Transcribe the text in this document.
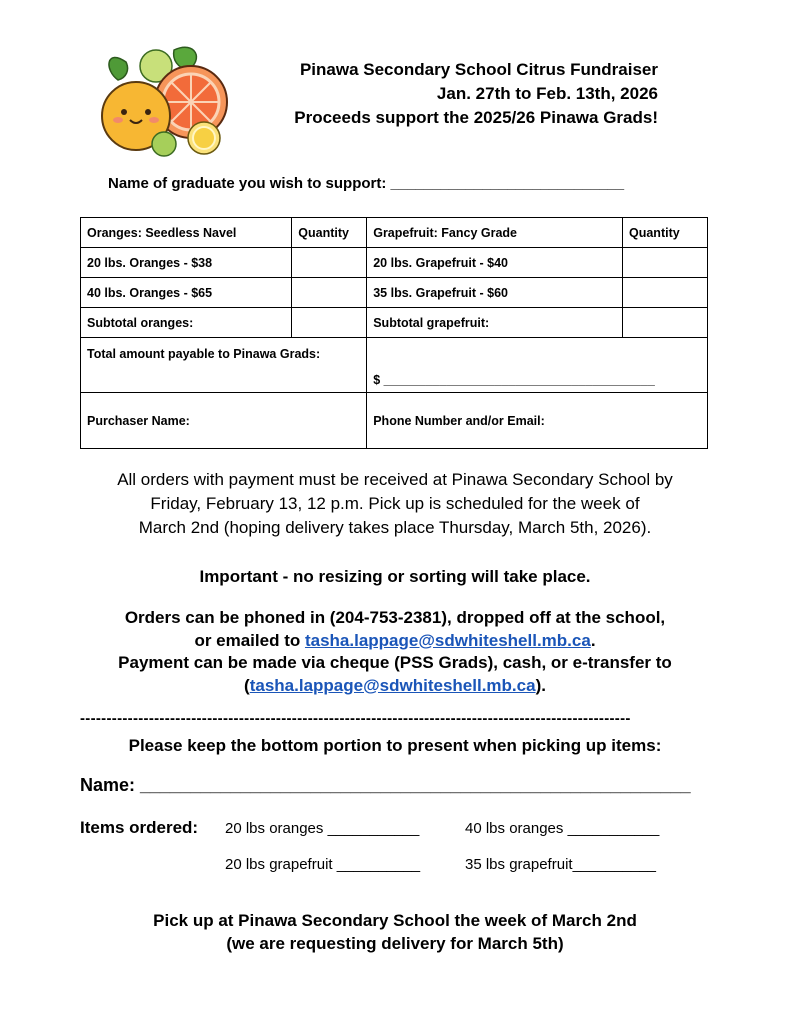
Pinawa Secondary School Citrus Fundraiser
Jan. 27th to Feb. 13th, 2026
Proceeds support the 2025/26 Pinawa Grads!
Name of graduate you wish to support: ____________________________
Oranges: Seedless Navel	Quantity	Grapefruit: Fancy Grade	Quantity
20 lbs. Oranges - $38		20 lbs. Grapefruit - $40	
40 lbs. Oranges - $65		35 lbs. Grapefruit - $60	
Subtotal oranges:		Subtotal grapefruit:	
Total amount payable to Pinawa Grads:		$ _______________________________________	
Purchaser Name:		Phone Number and/or Email:	
All orders with payment must be received at Pinawa Secondary School by
Friday, February 13, 12 p.m. Pick up is scheduled for the week of
March 2nd (hoping delivery takes place Thursday, March 5th, 2026).
Important - no resizing or sorting will take place.
Orders can be phoned in (204-753-2381), dropped off at the school,
or emailed to tasha.lappage@sdwhiteshell.mb.ca.
Payment can be made via cheque (PSS Grads), cash, or e-transfer to
(tasha.lappage@sdwhiteshell.mb.ca).
--------------------------------------------------------------------------------------------------------
Please keep the bottom portion to present when picking up items:
Name: _______________________________________________________
Items ordered: 20 lbs oranges ___________	40 lbs oranges ___________
20 lbs grapefruit __________	35 lbs grapefruit__________
Pick up at Pinawa Secondary School the week of March 2nd
(we are requesting delivery for March 5th)
